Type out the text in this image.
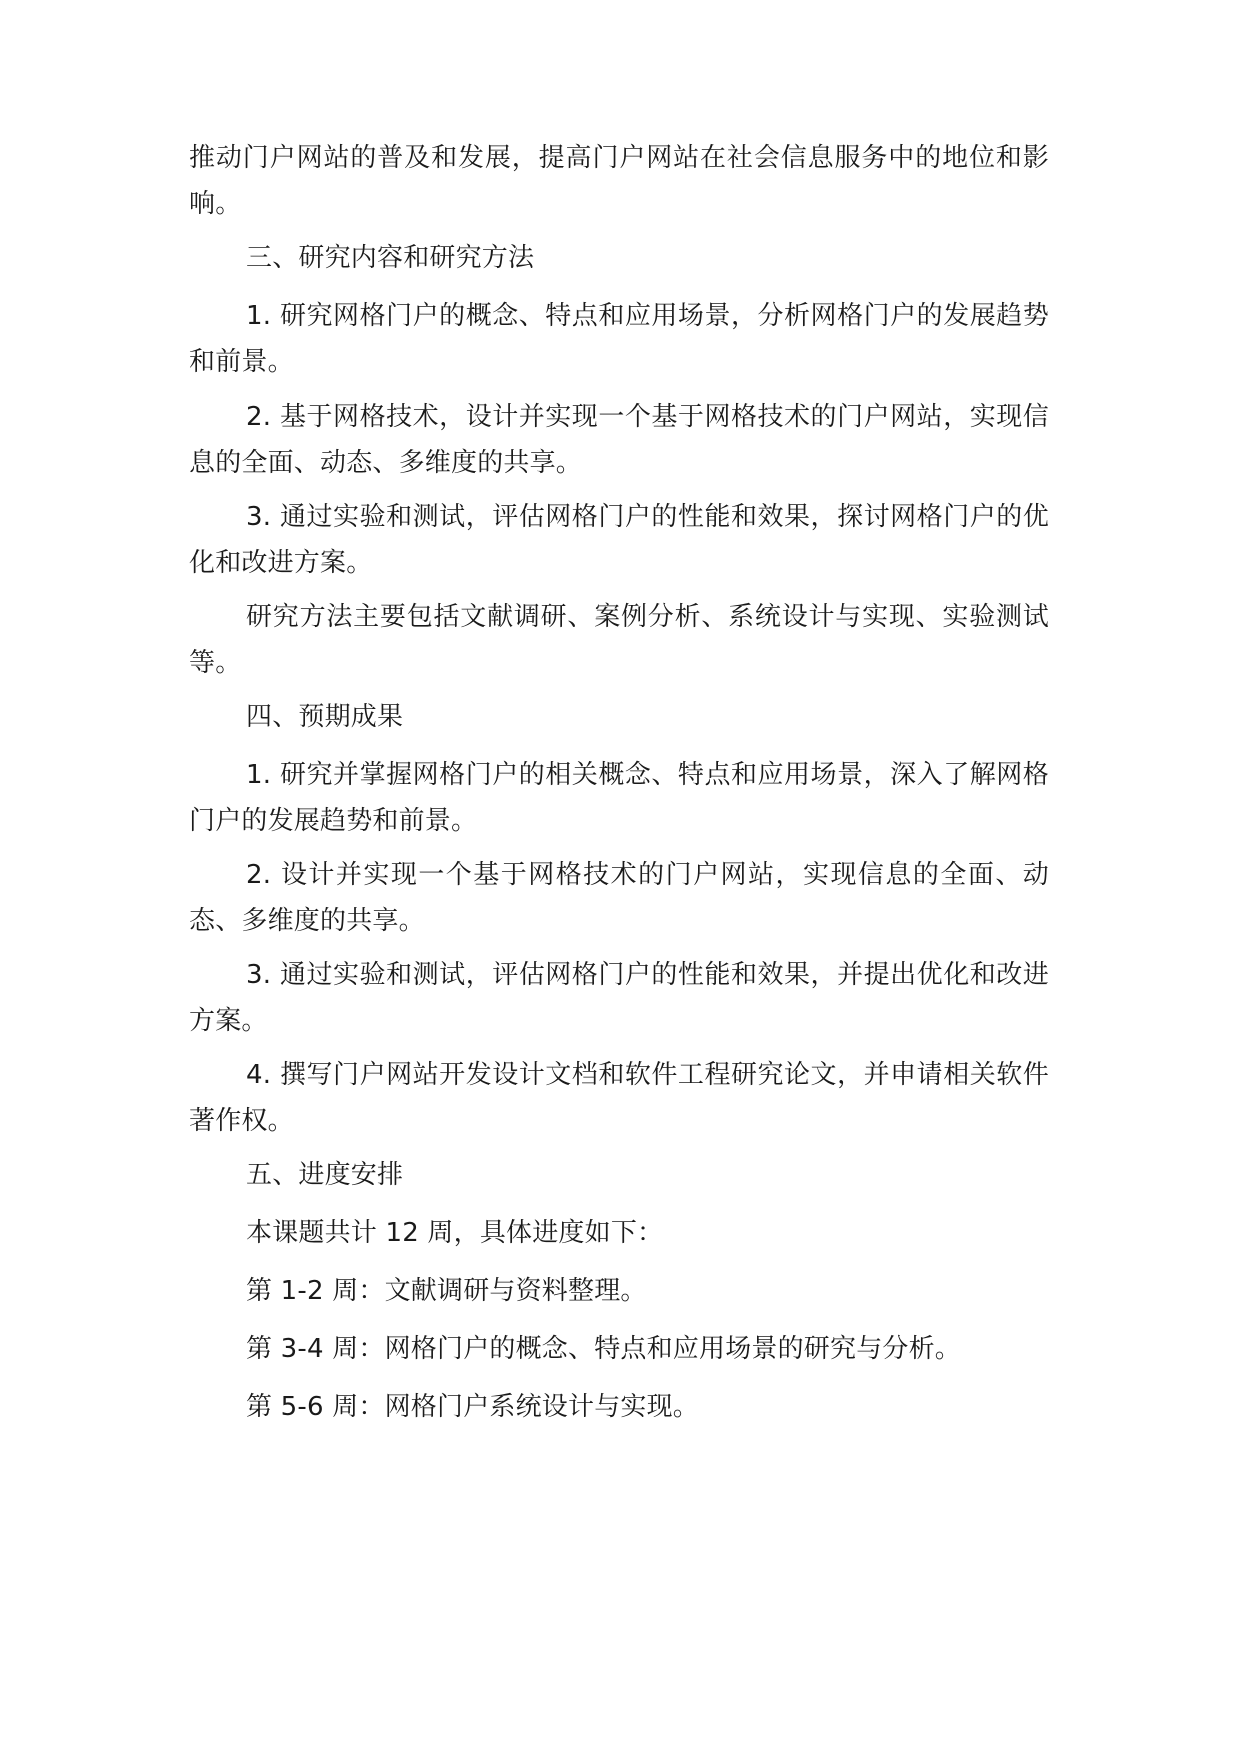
推动门户网站的普及和发展，提高门户网站在社会信息服务中的地位和影响。

三、研究内容和研究方法

1. 研究网格门户的概念、特点和应用场景，分析网格门户的发展趋势和前景。

2. 基于网格技术，设计并实现一个基于网格技术的门户网站，实现信息的全面、动态、多维度的共享。

3. 通过实验和测试，评估网格门户的性能和效果，探讨网格门户的优化和改进方案。

研究方法主要包括文献调研、案例分析、系统设计与实现、实验测试等。

四、预期成果

1. 研究并掌握网格门户的相关概念、特点和应用场景，深入了解网格门户的发展趋势和前景。

2. 设计并实现一个基于网格技术的门户网站，实现信息的全面、动态、多维度的共享。

3. 通过实验和测试，评估网格门户的性能和效果，并提出优化和改进方案。

4. 撰写门户网站开发设计文档和软件工程研究论文，并申请相关软件著作权。

五、进度安排

本课题共计 12 周，具体进度如下：

第 1-2 周：文献调研与资料整理。

第 3-4 周：网格门户的概念、特点和应用场景的研究与分析。

第 5-6 周：网格门户系统设计与实现。
